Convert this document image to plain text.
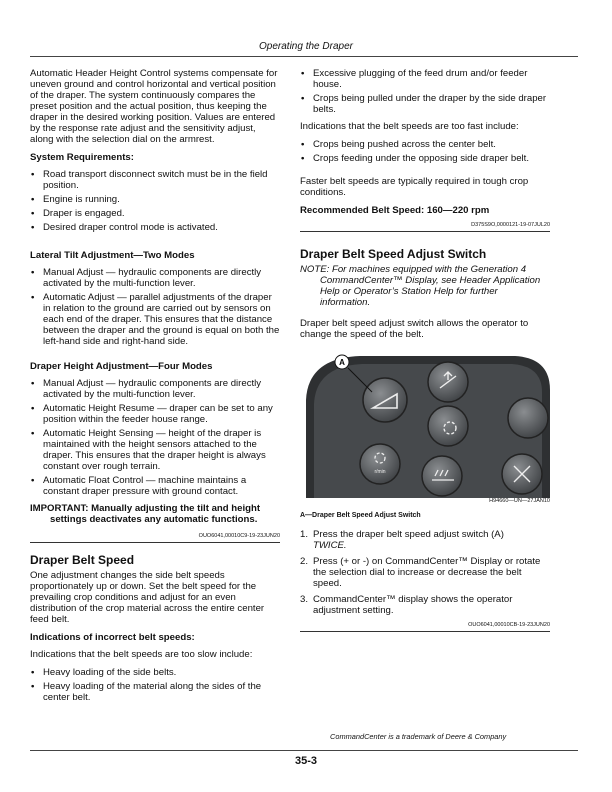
Operating the Draper

Automatic Header Height Control systems compensate for uneven ground and control horizontal and vertical position of the draper. The system continuously compares the preset position and the actual position, thus keeping the draper in the desired working position. Values are entered by the response rate adjust and the sensitivity adjust, along with the selection dial on the armrest.

System Requirements:
• Road transport disconnect switch must be in the field position.
• Engine is running.
• Draper is engaged.
• Desired draper control mode is activated.
Lateral Tilt Adjustment—Two Modes
• Manual Adjust — hydraulic components are directly activated by the multi-function lever.
• Automatic Adjust — parallel adjustments of the draper in relation to the ground are carried out by sensors on each end of the draper. This ensures that the distance between the draper and the ground is equal on both the left-hand side and right-hand side.
Draper Height Adjustment—Four Modes
• Manual Adjust — hydraulic components are directly activated by the multi-function lever.
• Automatic Height Resume — draper can be set to any position within the feeder house range.
• Automatic Height Sensing — height of the draper is maintained with the height sensors attached to the draper. This ensures that the draper height is always constant over rough terrain.
• Automatic Float Control — machine maintains a constant draper pressure with ground contact.

IMPORTANT: Manually adjusting the tilt and height settings deactivates any automatic functions.

OUO6041,00010C9-19-23JUN20
Draper Belt Speed

One adjustment changes the side belt speeds proportionately up or down. Set the belt speed for the prevailing crop conditions and adjust for an even distribution of the crop material across the entire center feed belt.

Indications of incorrect belt speeds:

Indications that the belt speeds are too slow include:

• Heavy loading of the side belts.
• Heavy loading of the material along the sides of the center belt.
• Excessive plugging of the feed drum and/or feeder house.
• Crops being pulled under the draper by the side draper belts.

Indications that the belt speeds are too fast include:

• Crops being pushed across the center belt.
• Crops feeding under the opposing side draper belt.

Faster belt speeds are typically required in tough crop conditions.

Recommended Belt Speed: 160—220 rpm
D375S9O,0000121-19-07JUL20
Draper Belt Speed Adjust Switch

NOTE: For machines equipped with the Generation 4 CommandCenter™ Display, see Header Application Help or Operator’s Station Help for further information.

Draper belt speed adjust switch allows the operator to change the speed of the belt.

r/min
A
H94660—UN—27JAN10
A—Draper Belt Speed Adjust Switch
1. Press the draper belt speed adjust switch (A)
TWICE.
2. Press (+ or -) on CommandCenter™ Display or rotate the selection dial to increase or decrease the belt speed.
3. CommandCenter™ display shows the operator adjustment setting.
OUO6041,00010CB-19-23JUN20
CommandCenter is a trademark of Deere & Company
35-3
